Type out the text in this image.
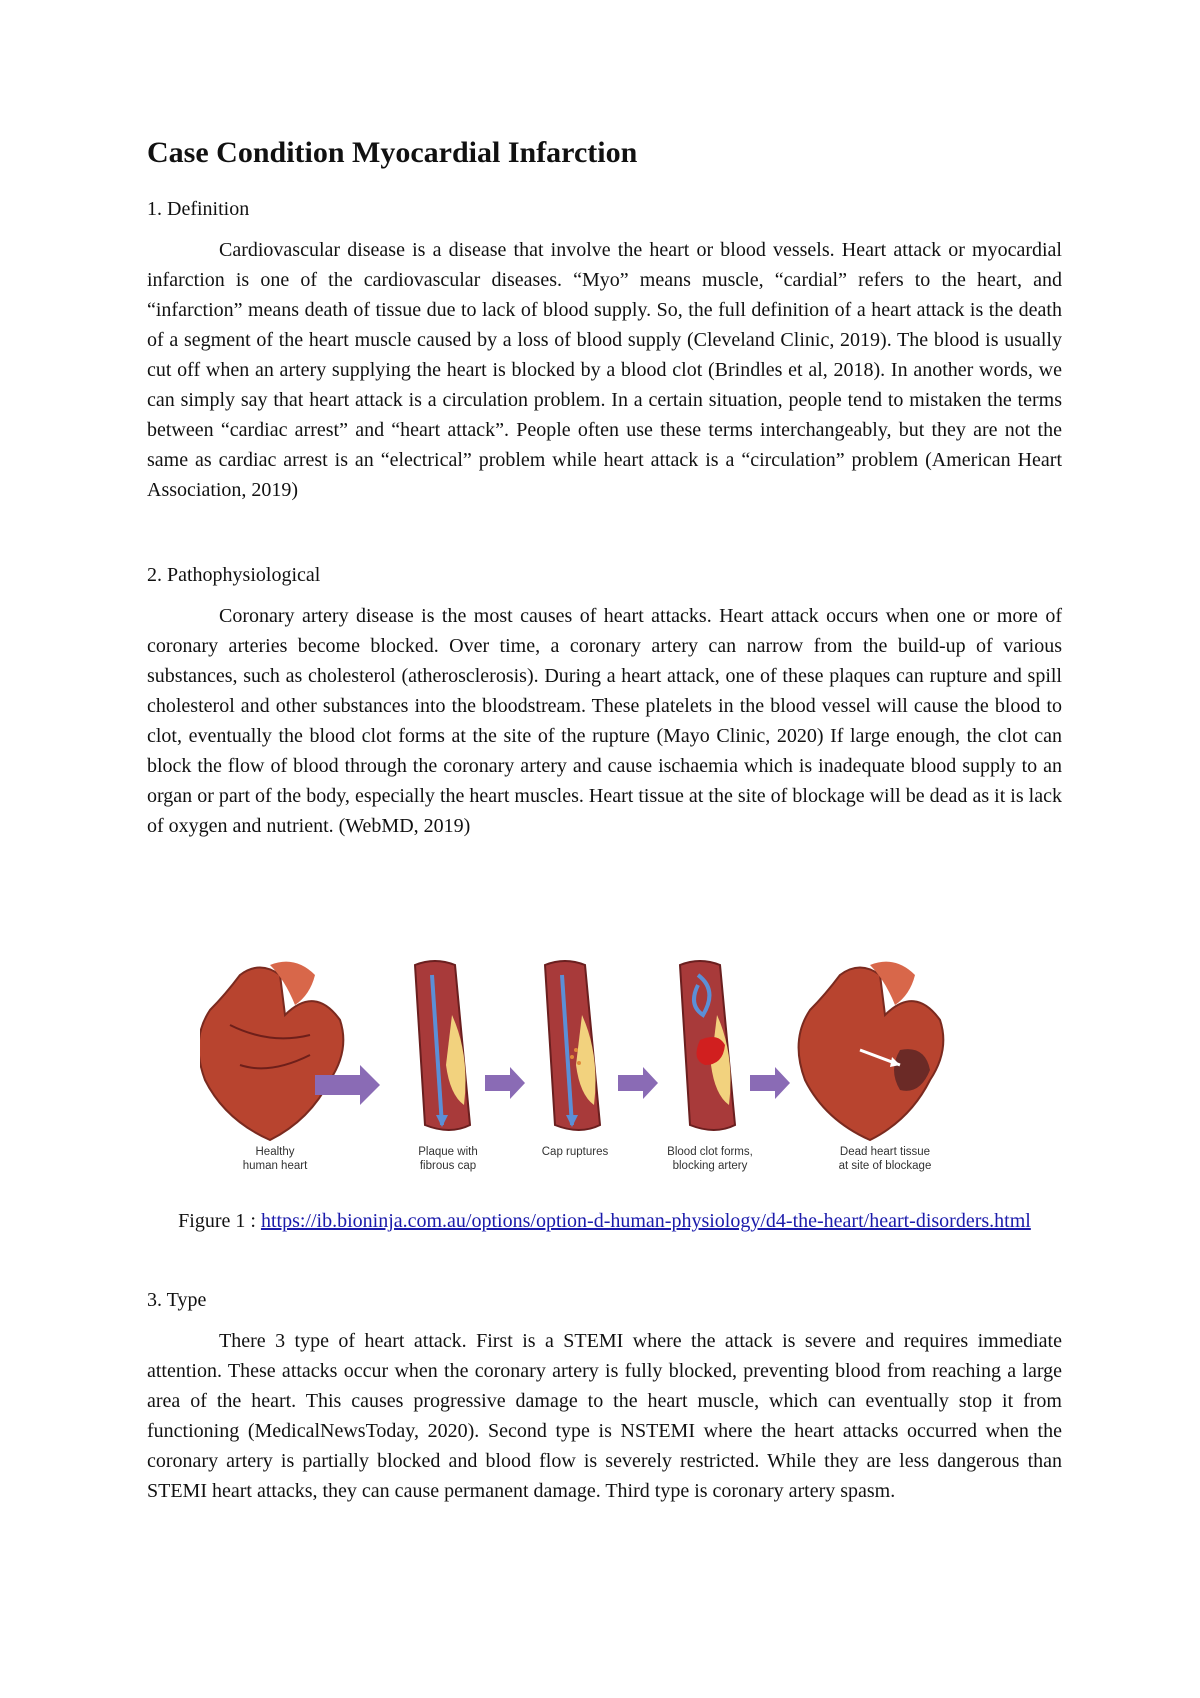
Case Condition Myocardial Infarction

1. Definition

Cardiovascular disease is a disease that involve the heart or blood vessels. Heart attack or myocardial infarction is one of the cardiovascular diseases. “Myo” means muscle, “cardial” refers to the heart, and “infarction” means death of tissue due to lack of blood supply. So, the full definition of a heart attack is the death of a segment of the heart muscle caused by a loss of blood supply (Cleveland Clinic, 2019). The blood is usually cut off when an artery supplying the heart is blocked by a blood clot (Brindles et al, 2018). In another words, we can simply say that heart attack is a circulation problem. In a certain situation, people tend to mistaken the terms between “cardiac arrest” and “heart attack”. People often use these terms interchangeably, but they are not the same as cardiac arrest is an “electrical” problem while heart attack is a “circulation” problem (American Heart Association, 2019)

2. Pathophysiological

Coronary artery disease is the most causes of heart attacks. Heart attack occurs when one or more of coronary arteries become blocked. Over time, a coronary artery can narrow from the build-up of various substances, such as cholesterol (atherosclerosis). During a heart attack, one of these plaques can rupture and spill cholesterol and other substances into the bloodstream. These platelets in the blood vessel will cause the blood to clot, eventually the blood clot forms at the site of the rupture (Mayo Clinic, 2020) If large enough, the clot can block the flow of blood through the coronary artery and cause ischaemia which is inadequate blood supply to an organ or part of the body, especially the heart muscles. Heart tissue at the site of blockage will be dead as it is lack of oxygen and nutrient. (WebMD, 2019)

Healthy
human heart
Plaque with
fibrous cap
Cap ruptures	Blood clot forms,
blocking artery
Dead heart tissue
at site of blockage
Figure 1 : https://ib.bioninja.com.au/options/option-d-human-physiology/d4-the-heart/heart-disorders.html

3. Type

There 3 type of heart attack. First is a STEMI where the attack is severe and requires immediate attention. These attacks occur when the coronary artery is fully blocked, preventing blood from reaching a large area of the heart. This causes progressive damage to the heart muscle, which can eventually stop it from functioning (MedicalNewsToday, 2020). Second type is NSTEMI where the heart attacks occurred when the coronary artery is partially blocked and blood flow is severely restricted. While they are less dangerous than STEMI heart attacks, they can cause permanent damage. Third type is coronary artery spasm.
